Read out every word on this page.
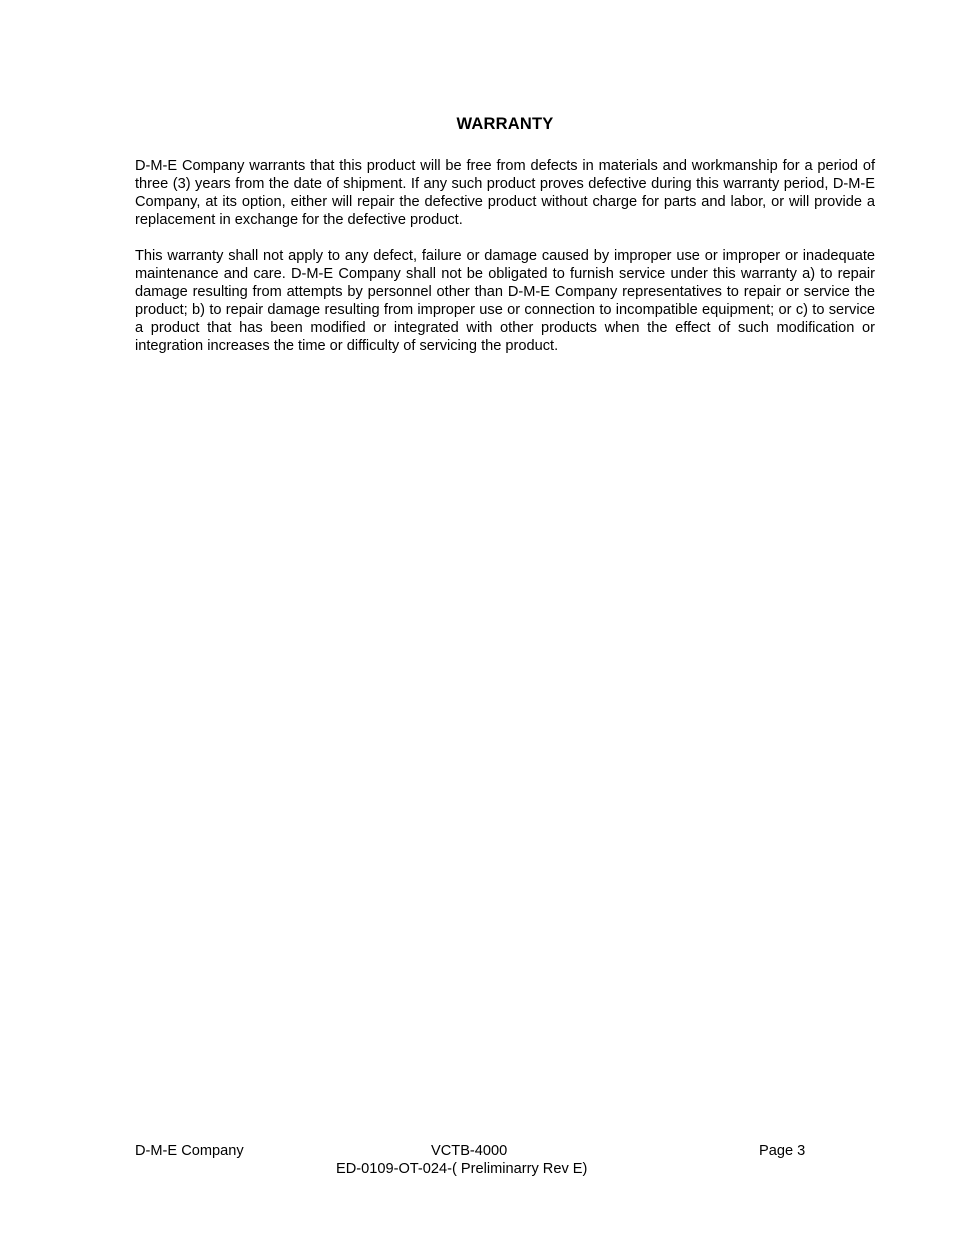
WARRANTY

D-M-E Company warrants that this product will be free from defects in materials and workmanship for a period of three (3) years from the date of shipment. If any such product proves defective during this warranty period, D-M-E Company, at its option, either will repair the defective product without charge for parts and labor, or will provide a replacement in exchange for the defective product.

This warranty shall not apply to any defect, failure or damage caused by improper use or improper or inadequate maintenance and care. D-M-E Company shall not be obligated to furnish service under this warranty a) to repair damage resulting from attempts by personnel other than D-M-E Company representatives to repair or service the product; b) to repair damage resulting from improper use or connection to incompatible equipment; or c) to service a product that has been modified or integrated with other products when the effect of such modification or integration increases the time or difficulty of servicing the product.

D-M-E Company	VCTB-4000	Page 3
ED-0109-OT-024-( Preliminarry Rev E)
